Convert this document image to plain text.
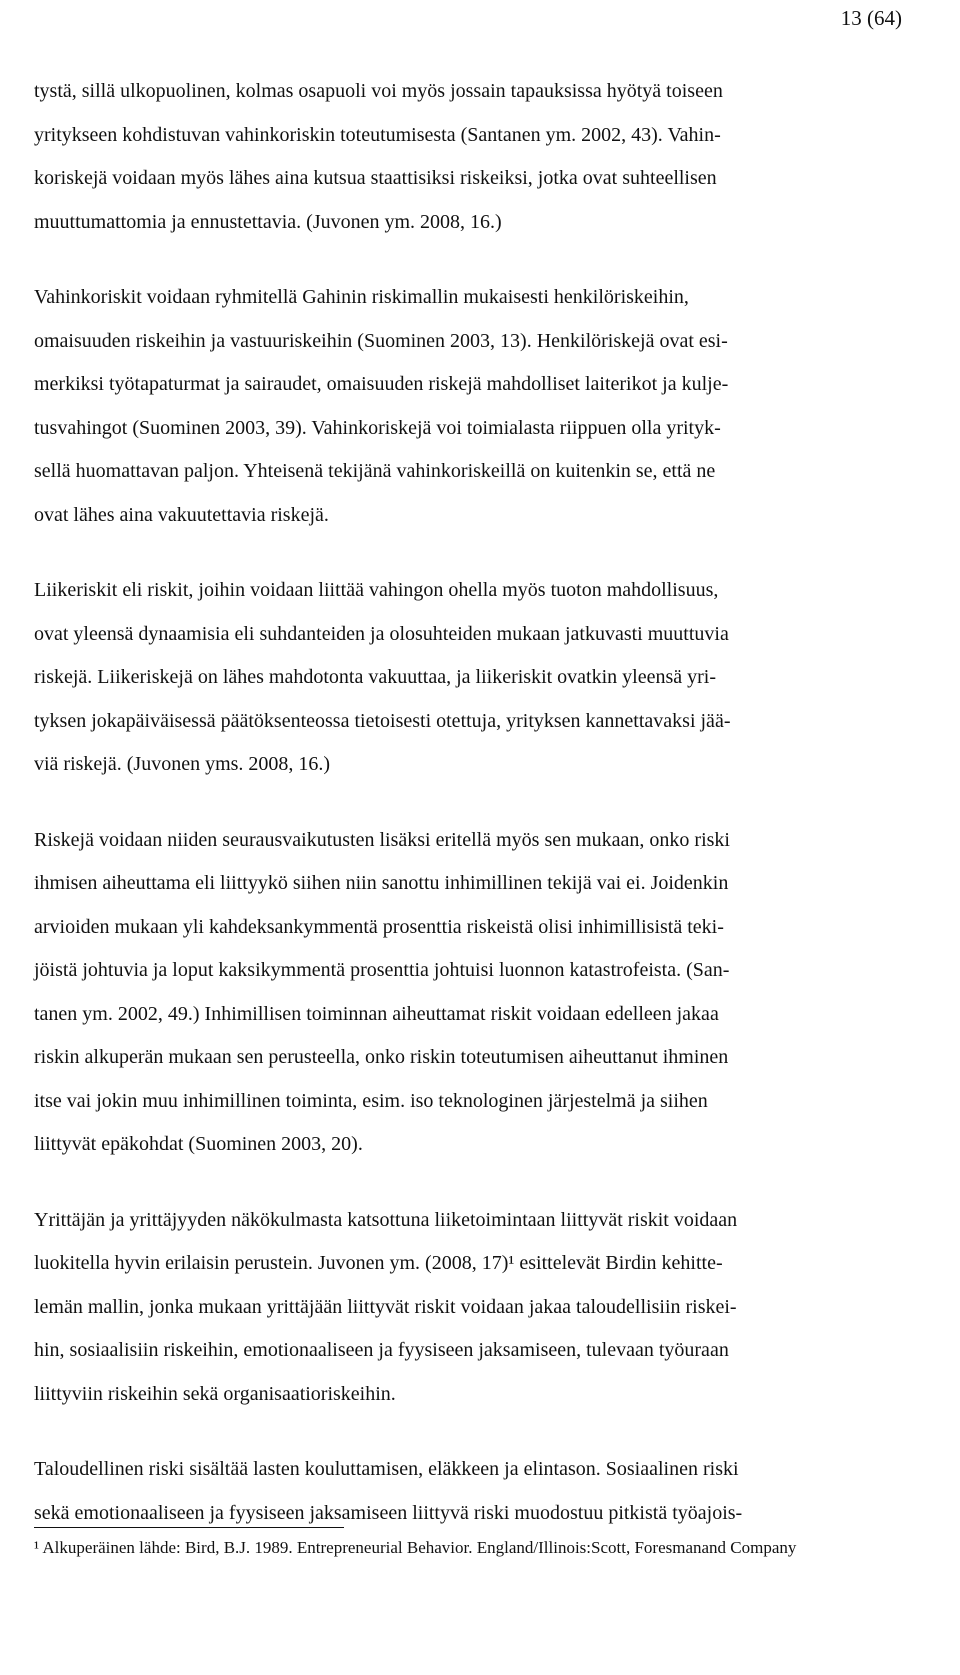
13 (64)

tystä, sillä ulkopuolinen, kolmas osapuoli voi myös jossain tapauksissa hyötyä toiseen
yritykseen kohdistuvan vahinkoriskin toteutumisesta (Santanen ym. 2002, 43). Vahin-
koriskejä voidaan myös lähes aina kutsua staattisiksi riskeiksi, jotka ovat suhteellisen
muuttumattomia ja ennustettavia. (Juvonen ym. 2008, 16.)

Vahinkoriskit voidaan ryhmitellä Gahinin riskimallin mukaisesti henkilöriskeihin,
omaisuuden riskeihin ja vastuuriskeihin (Suominen 2003, 13). Henkilöriskejä ovat esi-
merkiksi työtapaturmat ja sairaudet, omaisuuden riskejä mahdolliset laiterikot ja kulje-
tusvahingot (Suominen 2003, 39). Vahinkoriskejä voi toimialasta riippuen olla yrityk-
sellä huomattavan paljon. Yhteisenä tekijänä vahinkoriskeillä on kuitenkin se, että ne
ovat lähes aina vakuutettavia riskejä.

Liikeriskit eli riskit, joihin voidaan liittää vahingon ohella myös tuoton mahdollisuus,
ovat yleensä dynaamisia eli suhdanteiden ja olosuhteiden mukaan jatkuvasti muuttuvia
riskejä. Liikeriskejä on lähes mahdotonta vakuuttaa, ja liikeriskit ovatkin yleensä yri-
tyksen jokapäiväisessä päätöksenteossa tietoisesti otettuja, yrityksen kannettavaksi jää-
viä riskejä. (Juvonen yms. 2008, 16.)

Riskejä voidaan niiden seurausvaikutusten lisäksi eritellä myös sen mukaan, onko riski
ihmisen aiheuttama eli liittyykö siihen niin sanottu inhimillinen tekijä vai ei. Joidenkin
arvioiden mukaan yli kahdeksankymmentä prosenttia riskeistä olisi inhimillisistä teki-
jöistä johtuvia ja loput kaksikymmentä prosenttia johtuisi luonnon katastrofeista. (San-
tanen ym. 2002, 49.) Inhimillisen toiminnan aiheuttamat riskit voidaan edelleen jakaa
riskin alkuperän mukaan sen perusteella, onko riskin toteutumisen aiheuttanut ihminen
itse vai jokin muu inhimillinen toiminta, esim. iso teknologinen järjestelmä ja siihen
liittyvät epäkohdat (Suominen 2003, 20).

Yrittäjän ja yrittäjyyden näkökulmasta katsottuna liiketoimintaan liittyvät riskit voidaan
luokitella hyvin erilaisin perustein. Juvonen ym. (2008, 17)¹ esittelevät Birdin kehitte-
lemän mallin, jonka mukaan yrittäjään liittyvät riskit voidaan jakaa taloudellisiin riskei-
hin, sosiaalisiin riskeihin, emotionaaliseen ja fyysiseen jaksamiseen, tulevaan työuraan
liittyviin riskeihin sekä organisaatioriskeihin.

Taloudellinen riski sisältää lasten kouluttamisen, eläkkeen ja elintason. Sosiaalinen riski
sekä emotionaaliseen ja fyysiseen jaksamiseen liittyvä riski muodostuu pitkistä työajois-

¹ Alkuperäinen lähde: Bird, B.J. 1989. Entrepreneurial Behavior. England/Illinois:Scott, Foresmanand Company
